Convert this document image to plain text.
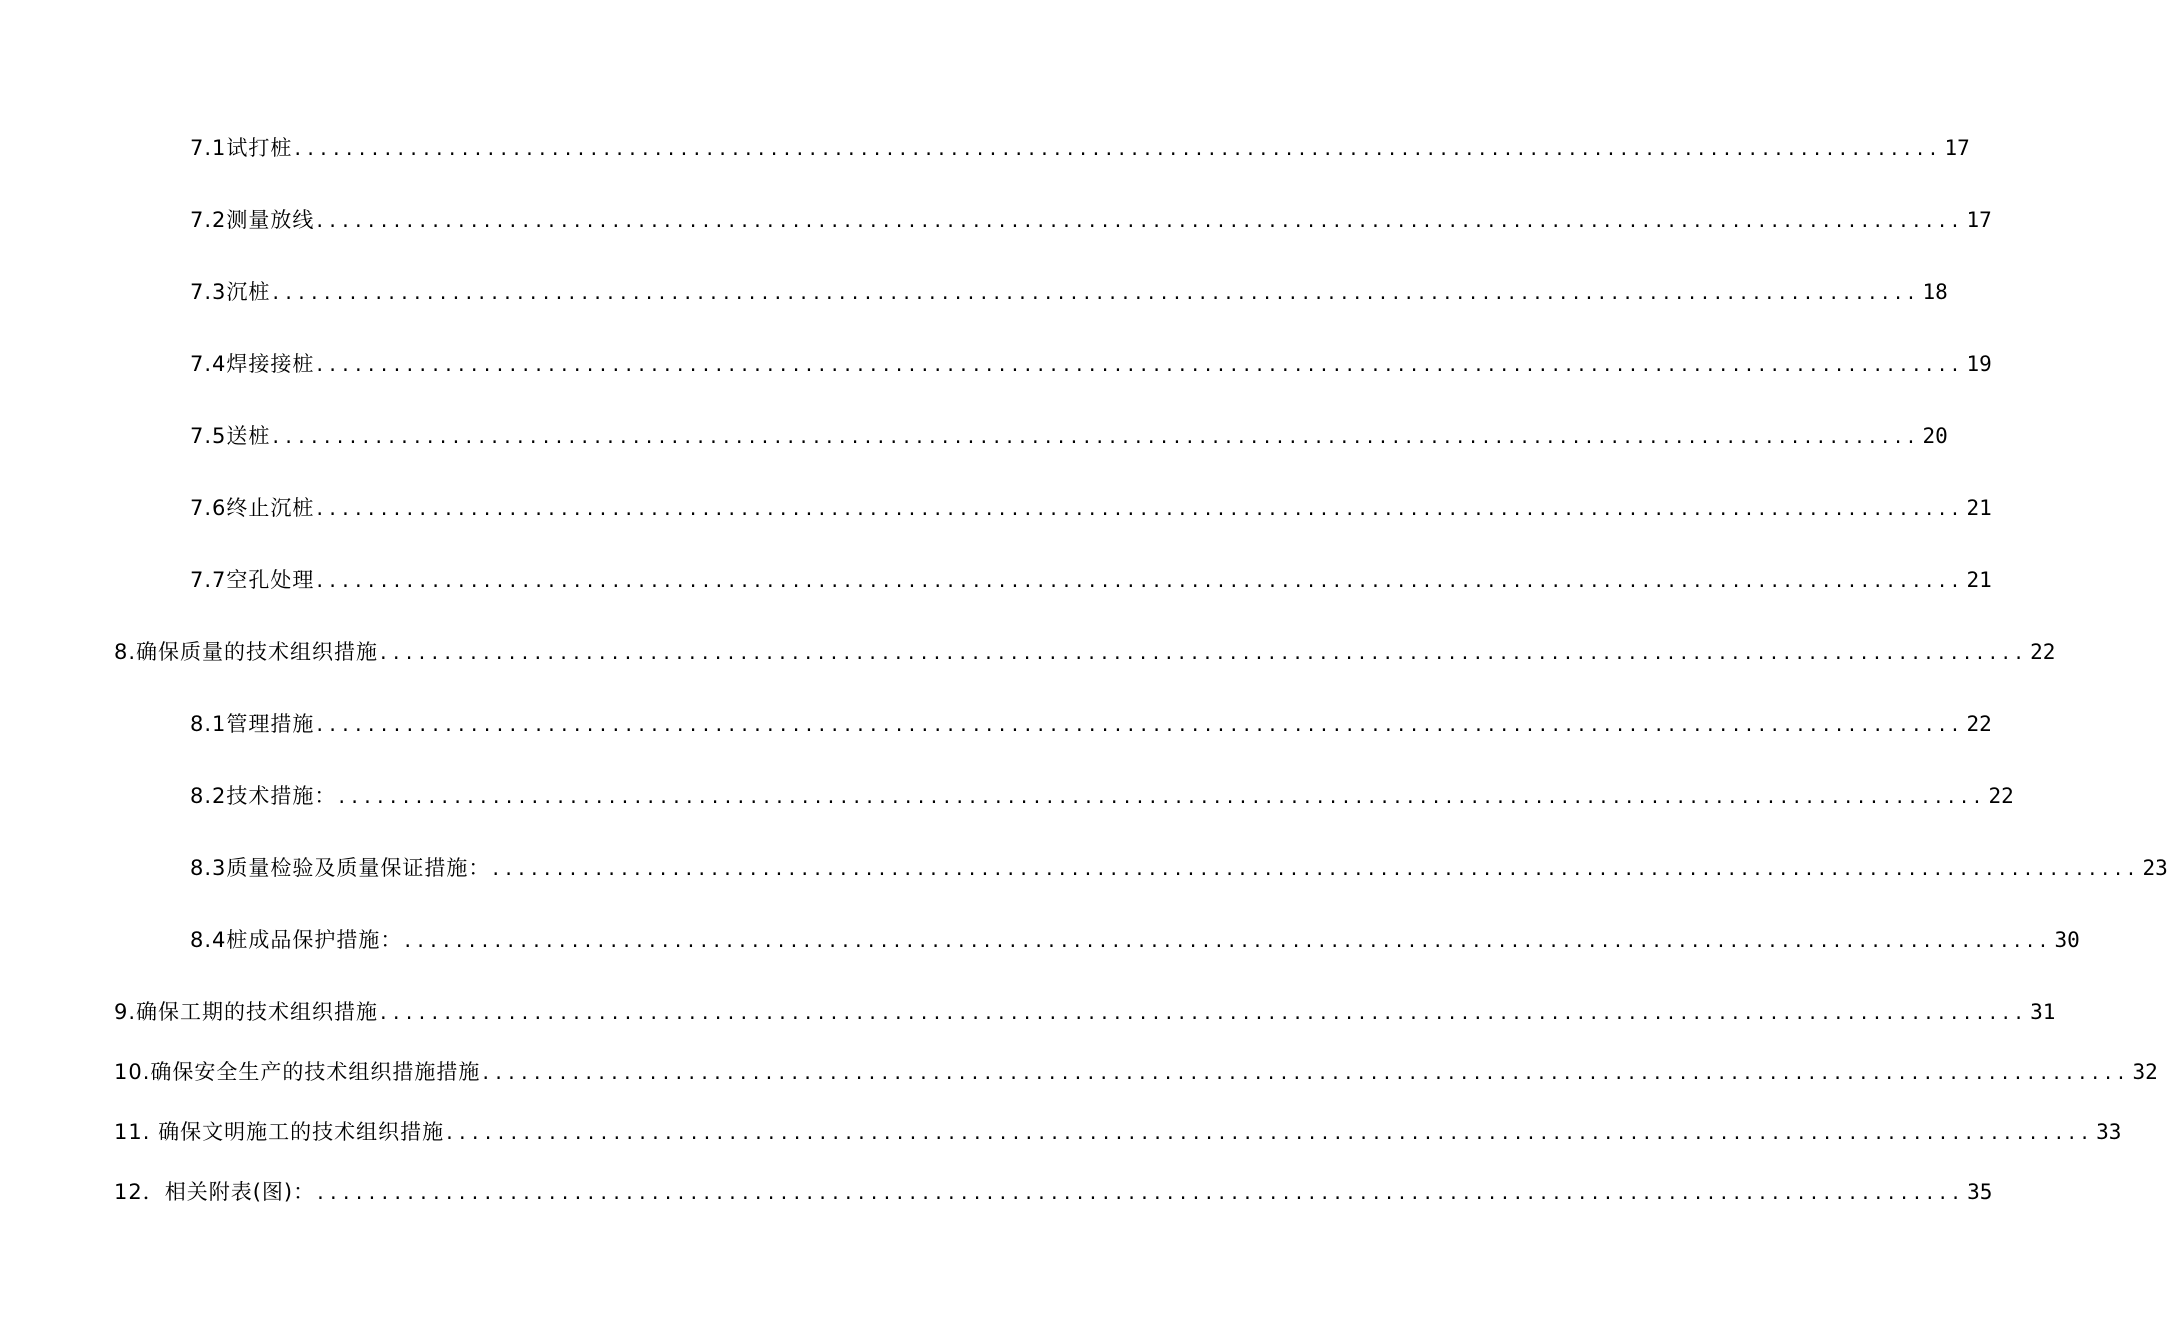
7.1试打桩 ................................................................................................................................ 17
7.2测量放线 ................................................................................................................................ 17
7.3沉桩 ................................................................................................................................ 18
7.4焊接接桩 ................................................................................................................................ 19
7.5送桩 ................................................................................................................................ 20
7.6终止沉桩 ................................................................................................................................ 21
7.7空孔处理 ................................................................................................................................ 21
8.确保质量的技术组织措施 ................................................................................................................................ 22
8.1管理措施 ................................................................................................................................ 22
8.2技术措施： ................................................................................................................................ 22
8.3质量检验及质量保证措施： ................................................................................................................................ 23
8.4桩成品保护措施： ................................................................................................................................ 30
9.确保工期的技术组织措施 ................................................................................................................................ 31
10.确保安全生产的技术组织措施措施 ................................................................................................................................ 32
11. 确保文明施工的技术组织措施 ................................................................................................................................ 33
12．相关附表(图)： ................................................................................................................................ 35
